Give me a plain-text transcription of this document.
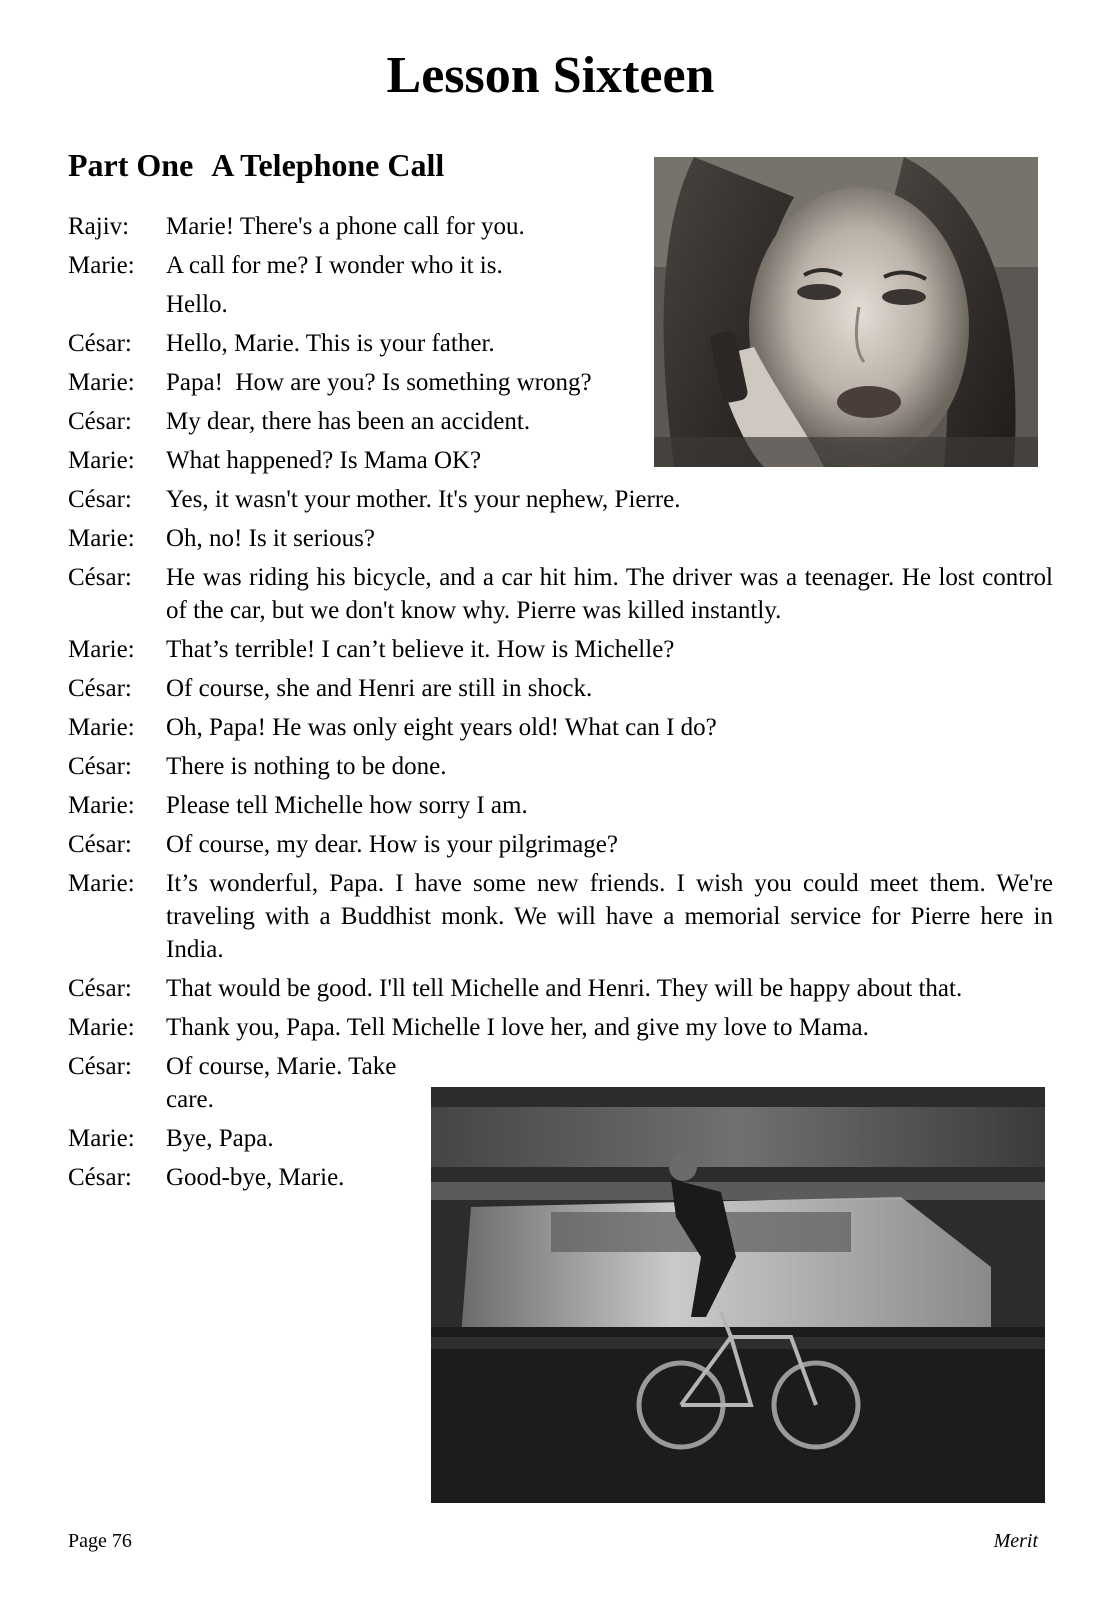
Lesson Sixteen
Part One A Telephone Call
Rajiv: Marie! There's a phone call for you.
Marie: A call for me? I wonder who it is.
Hello.
César: Hello, Marie. This is your father.
Marie: Papa!  How are you? Is something wrong?
César: My dear, there has been an accident.
Marie: What happened? Is Mama OK?
César: Yes, it wasn't your mother. It's your nephew, Pierre.
Marie: Oh, no! Is it serious?
César: He was riding his bicycle, and a car hit him. The driver was a teenager. He lost control of the car, but we don't know why. Pierre was killed instantly.
Marie: That’s terrible! I can’t believe it. How is Michelle?
César: Of course, she and Henri are still in shock.
Marie: Oh, Papa! He was only eight years old! What can I do?
César: There is nothing to be done.
Marie: Please tell Michelle how sorry I am.
César: Of course, my dear. How is your pilgrimage?
Marie: It’s wonderful, Papa. I have some new friends. I wish you could meet them. We're traveling with a Buddhist monk. We will have a memorial service for Pierre here in India.
César: That would be good. I'll tell Michelle and Henri. They will be happy about that.
Marie: Thank you, Papa. Tell Michelle I love her, and give my love to Mama.
César: Of course, Marie. Take care.
Marie: Bye, Papa.
César: Good-bye, Marie.
Page 76	Merit
